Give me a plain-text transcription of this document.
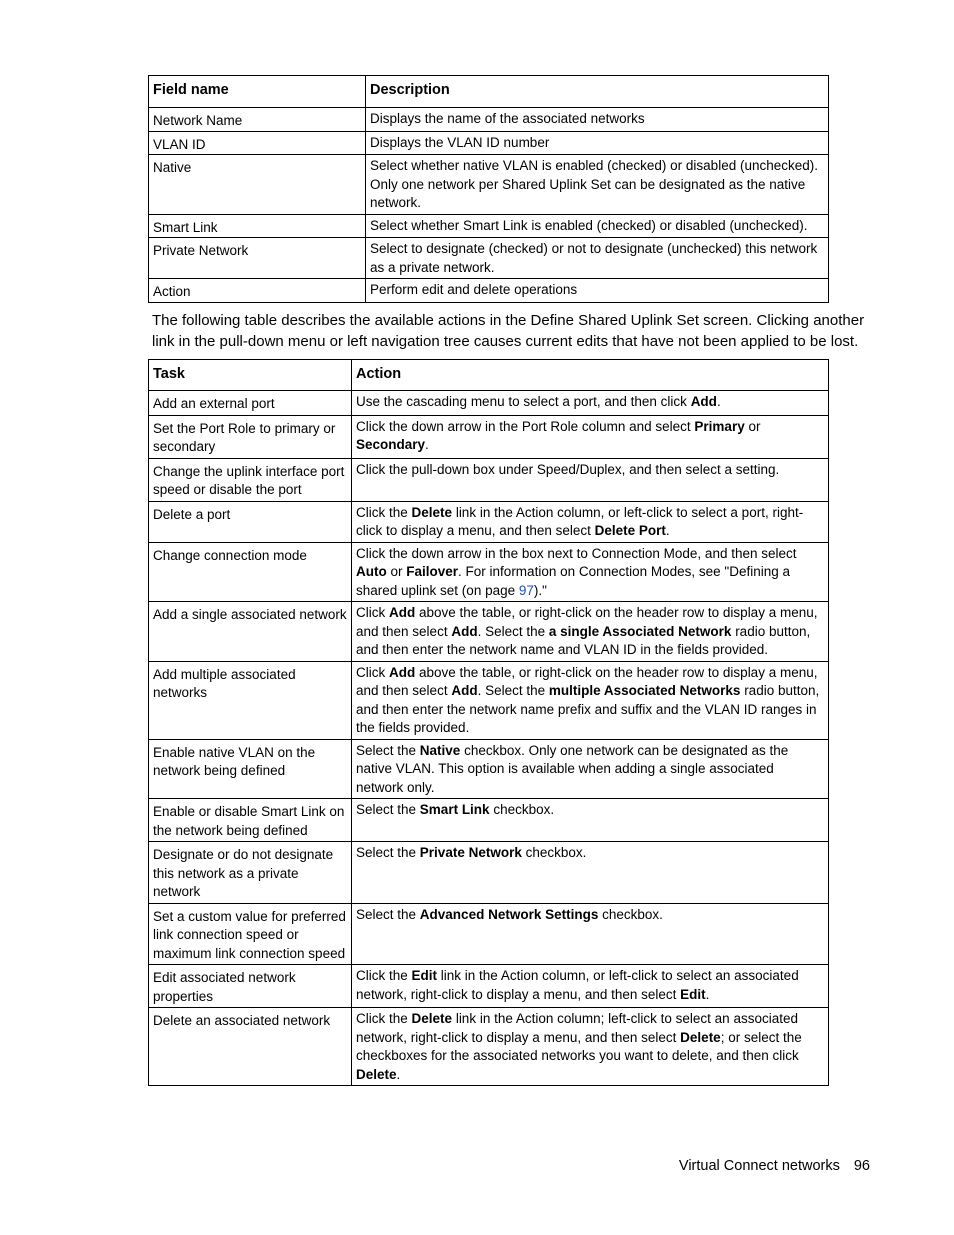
Field name	Description
Network Name	Displays the name of the associated networks
VLAN ID	Displays the VLAN ID number
Native	Select whether native VLAN is enabled (checked) or disabled (unchecked). Only one network per Shared Uplink Set can be designated as the native network.
Smart Link	Select whether Smart Link is enabled (checked) or disabled (unchecked).
Private Network	Select to designate (checked) or not to designate (unchecked) this network as a private network.
Action	Perform edit and delete operations

The following table describes the available actions in the Define Shared Uplink Set screen. Clicking another link in the pull-down menu or left navigation tree causes current edits that have not been applied to be lost.

Task	Action
Add an external port	Use the cascading menu to select a port, and then click Add.
Set the Port Role to primary or secondary	Click the down arrow in the Port Role column and select Primary or Secondary.
Change the uplink interface port speed or disable the port	Click the pull-down box under Speed/Duplex, and then select a setting.
Delete a port	Click the Delete link in the Action column, or left-click to select a port, right-click to display a menu, and then select Delete Port.
Change connection mode	Click the down arrow in the box next to Connection Mode, and then select Auto or Failover. For information on Connection Modes, see "Defining a shared uplink set (on page 97)."
Add a single associated network	Click Add above the table, or right-click on the header row to display a menu, and then select Add. Select the a single Associated Network radio button, and then enter the network name and VLAN ID in the fields provided.
Add multiple associated networks	Click Add above the table, or right-click on the header row to display a menu, and then select Add. Select the multiple Associated Networks radio button, and then enter the network name prefix and suffix and the VLAN ID ranges in the fields provided.
Enable native VLAN on the network being defined	Select the Native checkbox. Only one network can be designated as the native VLAN. This option is available when adding a single associated network only.
Enable or disable Smart Link on the network being defined	Select the Smart Link checkbox.
Designate or do not designate this network as a private network	Select the Private Network checkbox.
Set a custom value for preferred link connection speed or maximum link connection speed	Select the Advanced Network Settings checkbox.
Edit associated network properties	Click the Edit link in the Action column, or left-click to select an associated network, right-click to display a menu, and then select Edit.
Delete an associated network	Click the Delete link in the Action column; left-click to select an associated network, right-click to display a menu, and then select Delete; or select the checkboxes for the associated networks you want to delete, and then click Delete.
Virtual Connect networks 96
